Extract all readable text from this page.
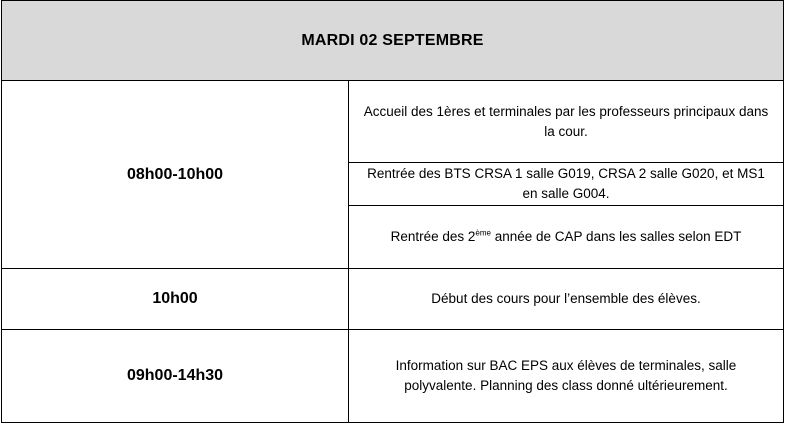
MARDI 02 SEPTEMBRE
08h00-10h00
Accueil des 1ères et terminales par les professeurs principaux dans la cour.
Rentrée des BTS CRSA 1 salle G019, CRSA 2 salle G020, et MS1 en salle G004.
Rentrée des 2ème année de CAP dans les salles selon EDT
10h00	Début des cours pour l’ensemble des élèves.
09h00-14h30
Information sur BAC EPS aux élèves de terminales, salle polyvalente. Planning des class donné ultérieurement.
